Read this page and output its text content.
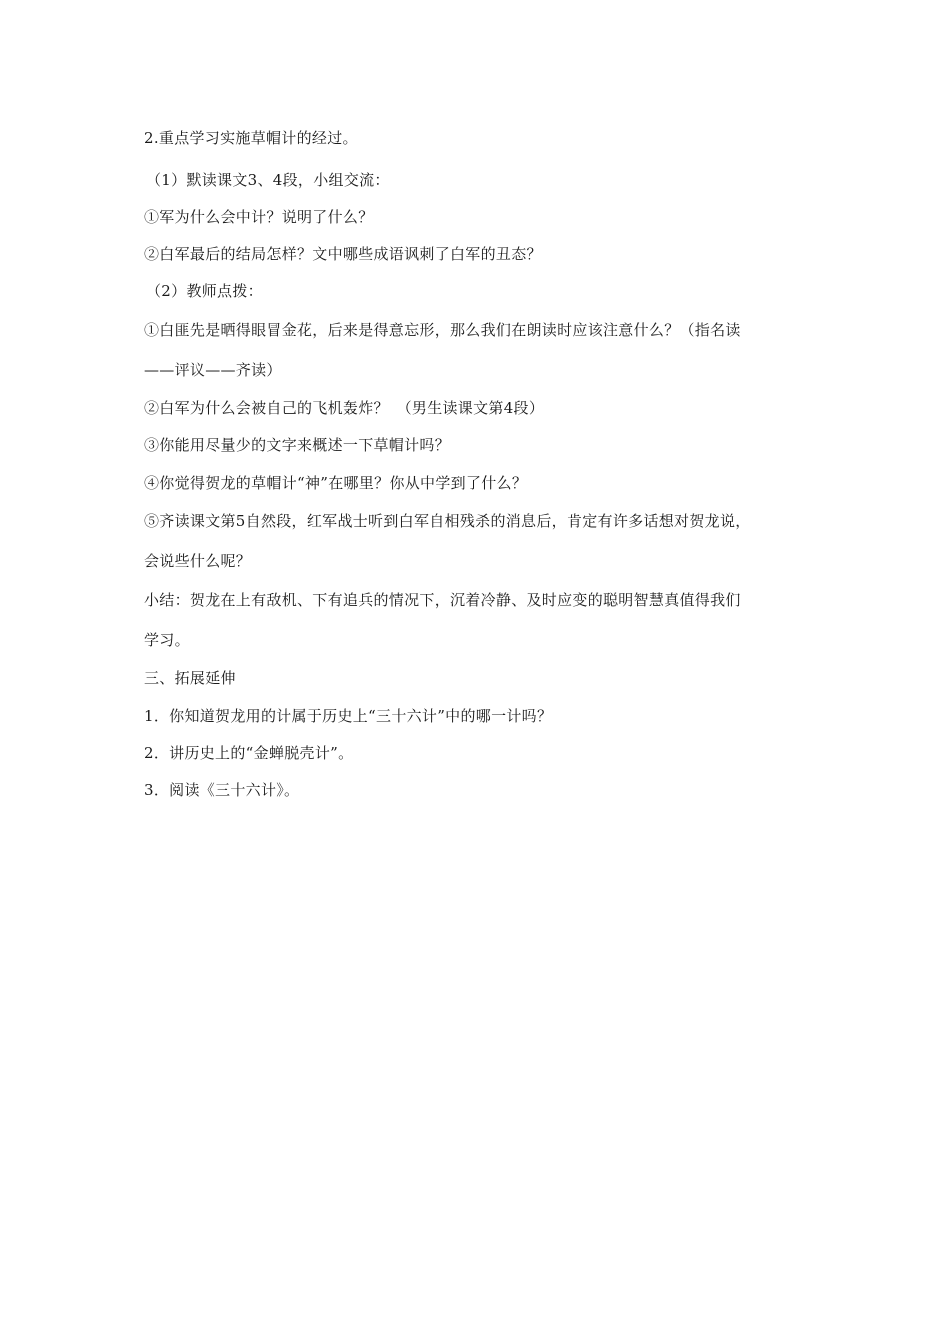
2.重点学习实施草帽计的经过。
（1）默读课文3、4段，小组交流：
①军为什么会中计？说明了什么？
②白军最后的结局怎样？文中哪些成语讽刺了白军的丑态？
（2）教师点拨：
①白匪先是晒得眼冒金花，后来是得意忘形，那么我们在朗读时应该注意什么？（指名读
——评议——齐读）
②白军为什么会被自己的飞机轰炸？　（男生读课文第4段）
③你能用尽量少的文字来概述一下草帽计吗？
④你觉得贺龙的草帽计“神”在哪里？你从中学到了什么？
⑤齐读课文第5自然段，红军战士听到白军自相残杀的消息后，肯定有许多话想对贺龙说，
会说些什么呢？
小结：贺龙在上有敌机、下有追兵的情况下，沉着冷静、及时应变的聪明智慧真值得我们
学习。
三、拓展延伸
1．你知道贺龙用的计属于历史上“三十六计”中的哪一计吗？
2．讲历史上的“金蝉脱壳计”。
3．阅读《三十六计》。
